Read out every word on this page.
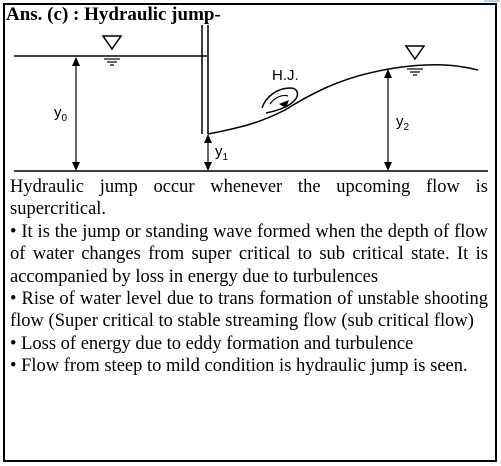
Ans. (c) : Hydraulic jump-
$y_0$
$y_1$
$y_2$
H.J.

Hydraulic jump occur whenever the upcoming flow is supercritical.

• It is the jump or standing wave formed when the depth of flow of water changes from super critical to sub critical state. It is accompanied by loss in energy due to turbulences

• Rise of water level due to trans formation of unstable shooting flow (Super critical to stable streaming flow (sub critical flow)

• Loss of energy due to eddy formation and turbulence

• Flow from steep to mild condition is hydraulic jump is seen.
